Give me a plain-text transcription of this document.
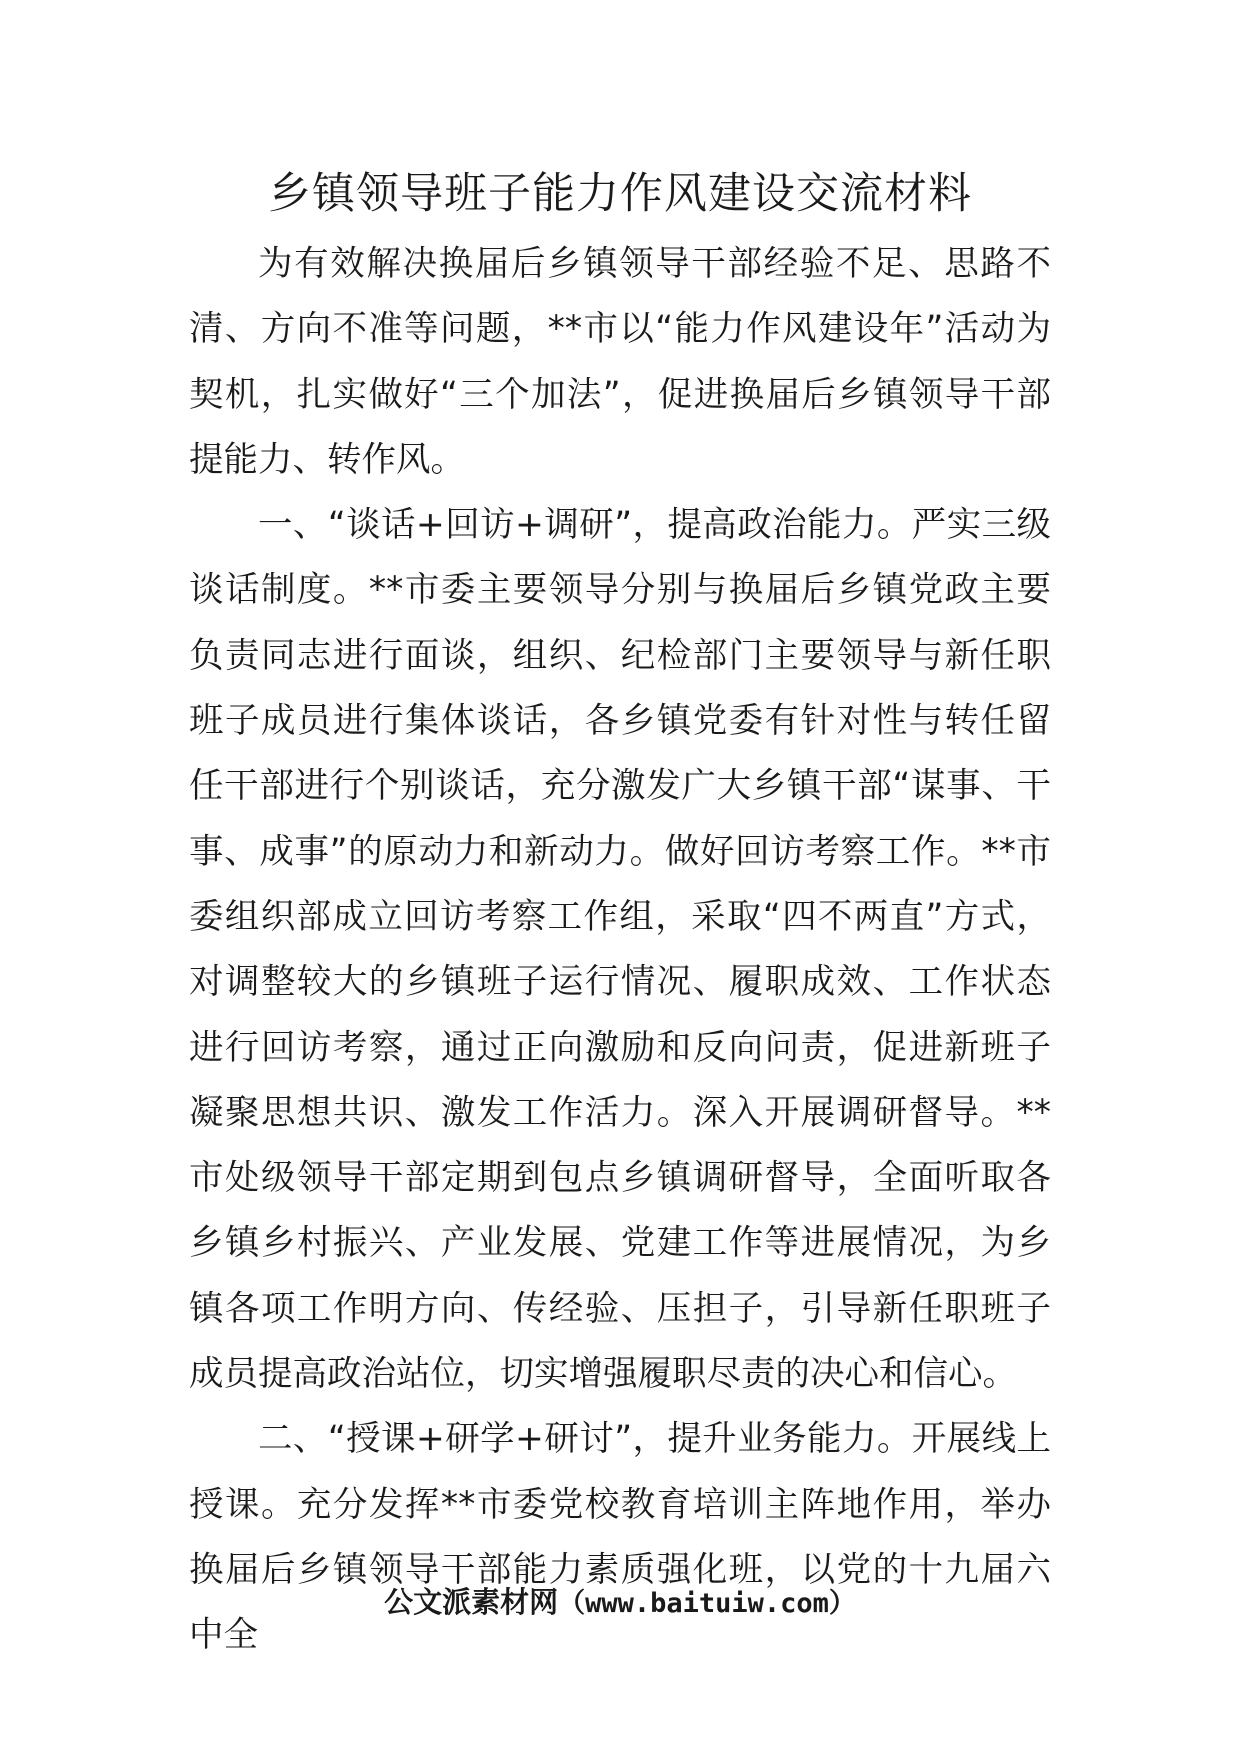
乡镇领导班子能力作风建设交流材料

为有效解决换届后乡镇领导干部经验不足、思路不清、方向不准等问题，**市以“能力作风建设年”活动为契机，扎实做好“三个加法”，促进换届后乡镇领导干部提能力、转作风。

一、“谈话+回访+调研”，提高政治能力。严实三级谈话制度。**市委主要领导分别与换届后乡镇党政主要负责同志进行面谈，组织、纪检部门主要领导与新任职班子成员进行集体谈话，各乡镇党委有针对性与转任留任干部进行个别谈话，充分激发广大乡镇干部“谋事、干事、成事”的原动力和新动力。做好回访考察工作。**市委组织部成立回访考察工作组，采取“四不两直”方式，对调整较大的乡镇班子运行情况、履职成效、工作状态进行回访考察，通过正向激励和反向问责，促进新班子凝聚思想共识、激发工作活力。深入开展调研督导。**市处级领导干部定期到包点乡镇调研督导，全面听取各乡镇乡村振兴、产业发展、党建工作等进展情况，为乡镇各项工作明方向、传经验、压担子，引导新任职班子成员提高政治站位，切实增强履职尽责的决心和信心。

二、“授课+研学+研讨”，提升业务能力。开展线上授课。充分发挥**市委党校教育培训主阵地作用，举办换届后乡镇领导干部能力素质强化班，以党的十九届六中全

公文派素材网（www.baituiw.com）
